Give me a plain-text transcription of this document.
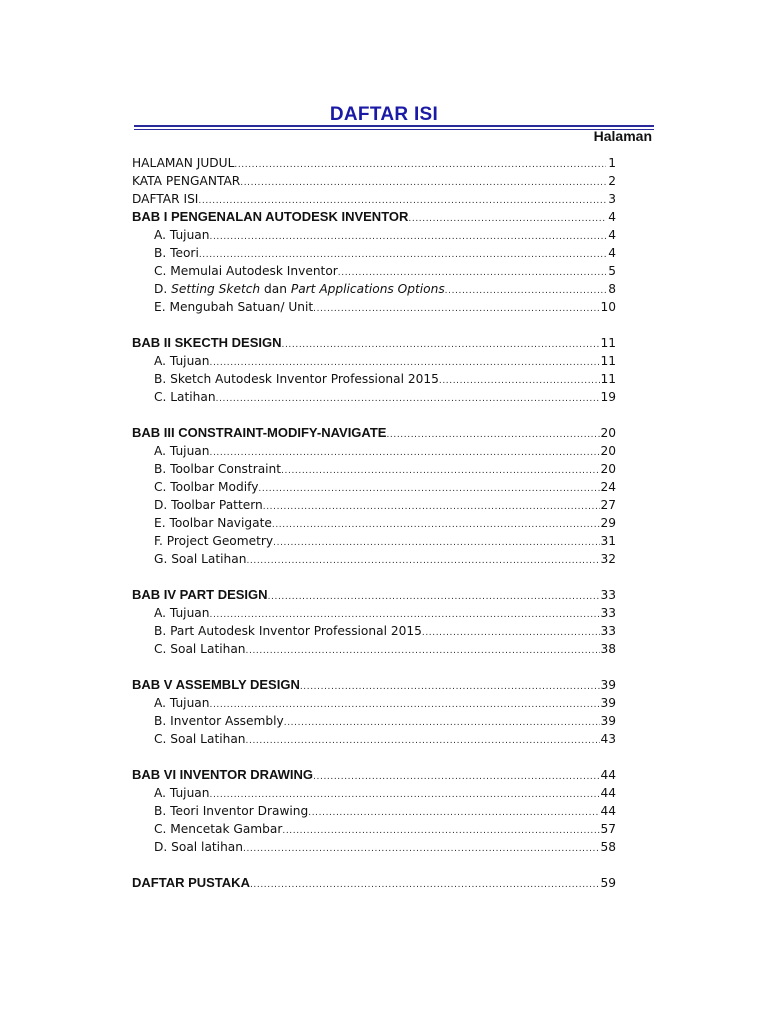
DAFTAR ISI
Halaman
HALAMAN JUDUL .....	1
KATA PENGANTAR .....	2
DAFTAR ISI .....	3
BAB I PENGENALAN AUTODESK INVENTOR .....	4
A. Tujuan .....	4
B. Teori .....	4
C. Memulai Autodesk Inventor .....	5
D. Setting Sketch dan Part Applications Options .....	8
E. Mengubah Satuan/ Unit .....	10
BAB II SKECTH DESIGN .....	11
A. Tujuan .....	11
B. Sketch Autodesk Inventor Professional 2015 .....	11
C. Latihan .....	19
BAB III CONSTRAINT-MODIFY-NAVIGATE .....	20
A. Tujuan .....	20
B. Toolbar Constraint .....	20
C. Toolbar Modify .....	24
D. Toolbar Pattern .....	27
E. Toolbar Navigate .....	29
F. Project Geometry .....	31
G. Soal Latihan .....	32
BAB IV PART DESIGN .....	33
A. Tujuan .....	33
B. Part Autodesk Inventor Professional 2015 .....	33
C. Soal Latihan .....	38
BAB V ASSEMBLY DESIGN .....	39
A. Tujuan .....	39
B. Inventor Assembly .....	39
C. Soal Latihan .....	43
BAB VI INVENTOR DRAWING .....	44
A. Tujuan .....	44
B. Teori Inventor Drawing .....	44
C. Mencetak Gambar .....	57
D. Soal latihan .....	58
DAFTAR PUSTAKA .....	59
